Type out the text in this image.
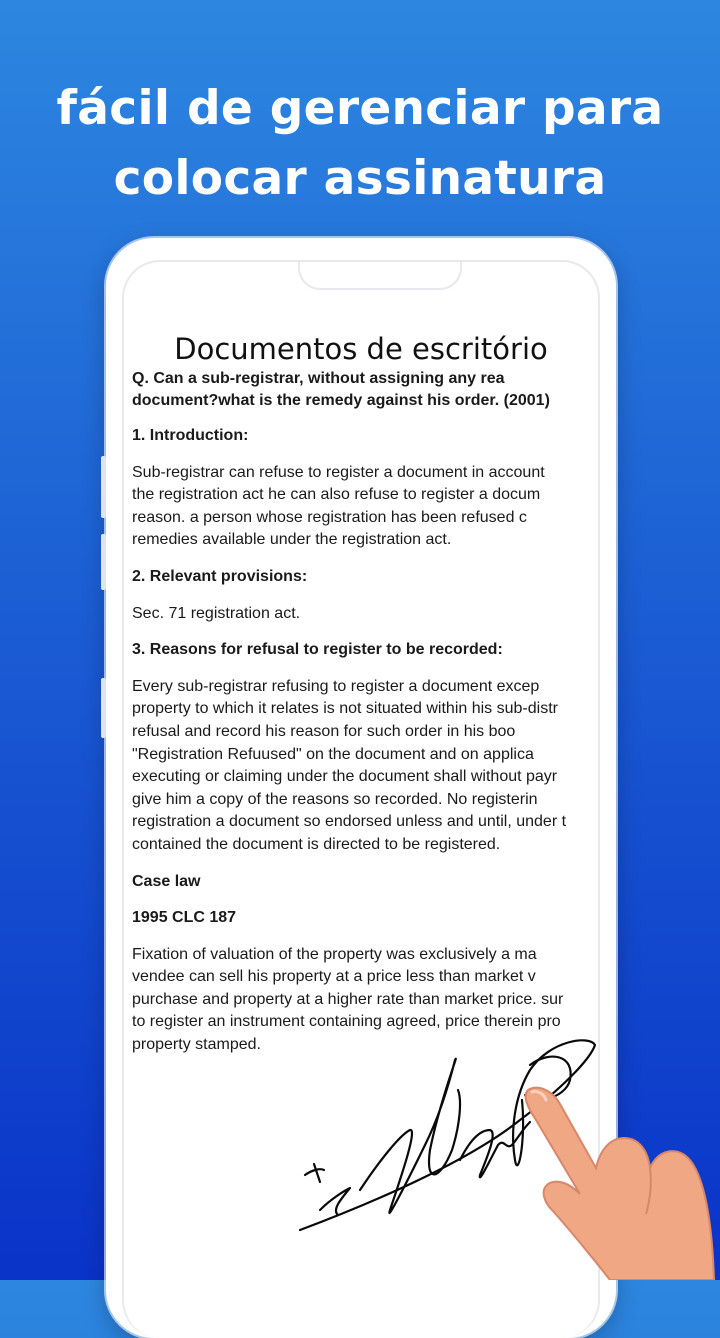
fácil de gerenciar para
colocar assinatura
Documentos de escritório

Q. Can a sub-registrar, without assigning any rea
document?what is the remedy against his order. (2001)

1. Introduction:

Sub-registrar can refuse to register a document in account
the registration act he can also refuse to register a docum
reason. a person whose registration has been refused c
remedies available under the registration act.

2. Relevant provisions:

Sec. 71 registration act.

3. Reasons for refusal to register to be recorded:

Every sub-registrar refusing to register a document excep
property to which it relates is not situated within his sub-distr
refusal and record his reason for such order in his boo
"Registration Refuused" on the document and on applica
executing or claiming under the document shall without payr
give him a copy of the reasons so recorded. No registerin
registration a document so endorsed unless and until, under t
contained the document is directed to be registered.

Case law

1995 CLC 187

Fixation of valuation of the property was exclusively a ma
vendee can sell his property at a price less than market v
purchase and property at a higher rate than market price. sur
to register an instrument containing agreed, price therein pro
property stamped.
